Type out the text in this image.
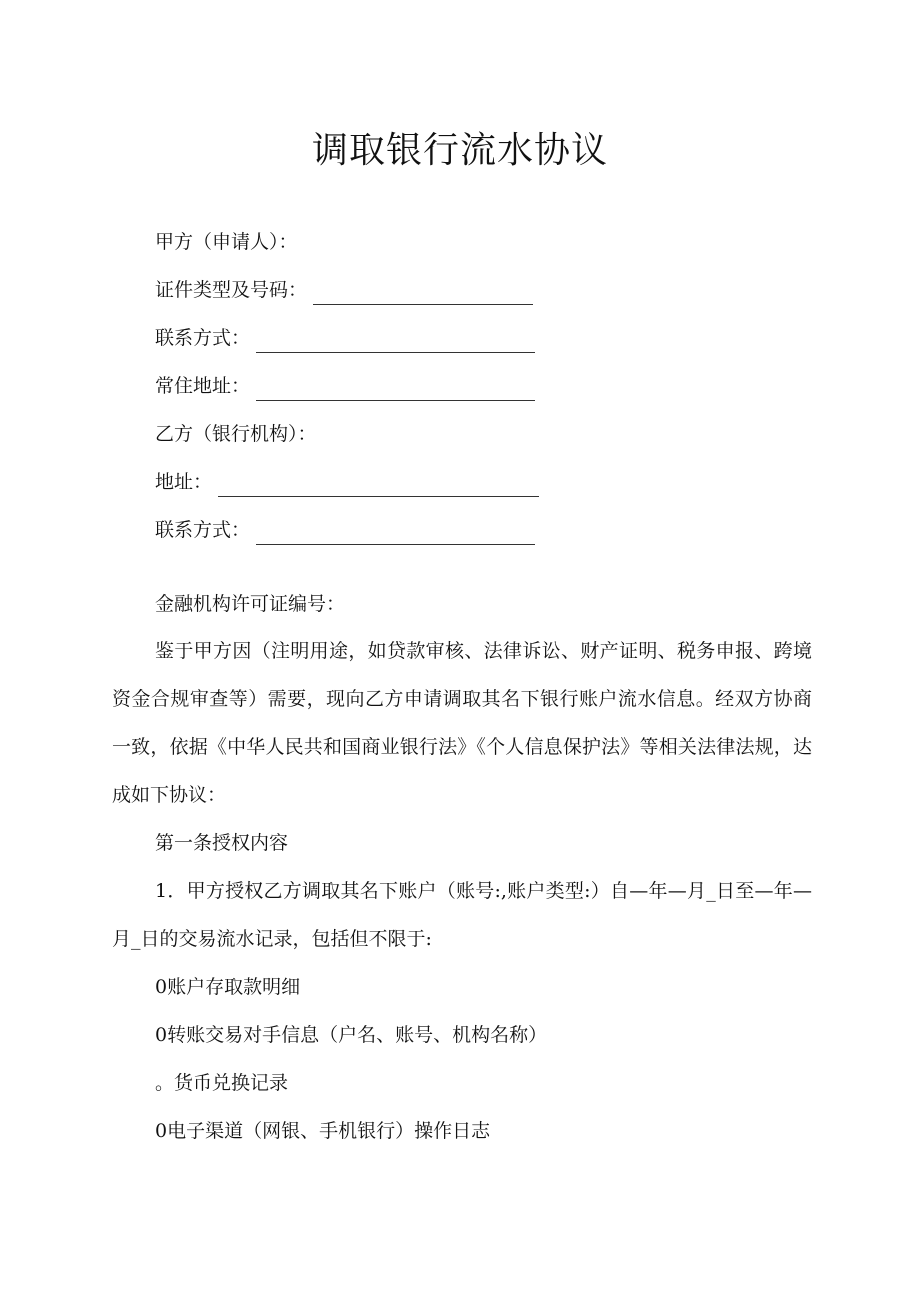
调取银行流水协议
甲方（申请人）：
证件类型及号码：
联系方式：
常住地址：
乙方（银行机构）：
地址：
联系方式：
金融机构许可证编号：

鉴于甲方因（注明用途，如贷款审核、法律诉讼、财产证明、税务申报、跨境资金合规审查等）需要，现向乙方申请调取其名下银行账户流水信息。经双方协商一致，依据《中华人民共和国商业银行法》《个人信息保护法》等相关法律法规，达成如下协议：

第一条授权内容

1．甲方授权乙方调取其名下账户（账号:,账户类型:）自—年—月_日至—年—月_日的交易流水记录，包括但不限于:

0账户存取款明细
0转账交易对手信息（户名、账号、机构名称）
。货币兑换记录
0电子渠道（网银、手机银行）操作日志
